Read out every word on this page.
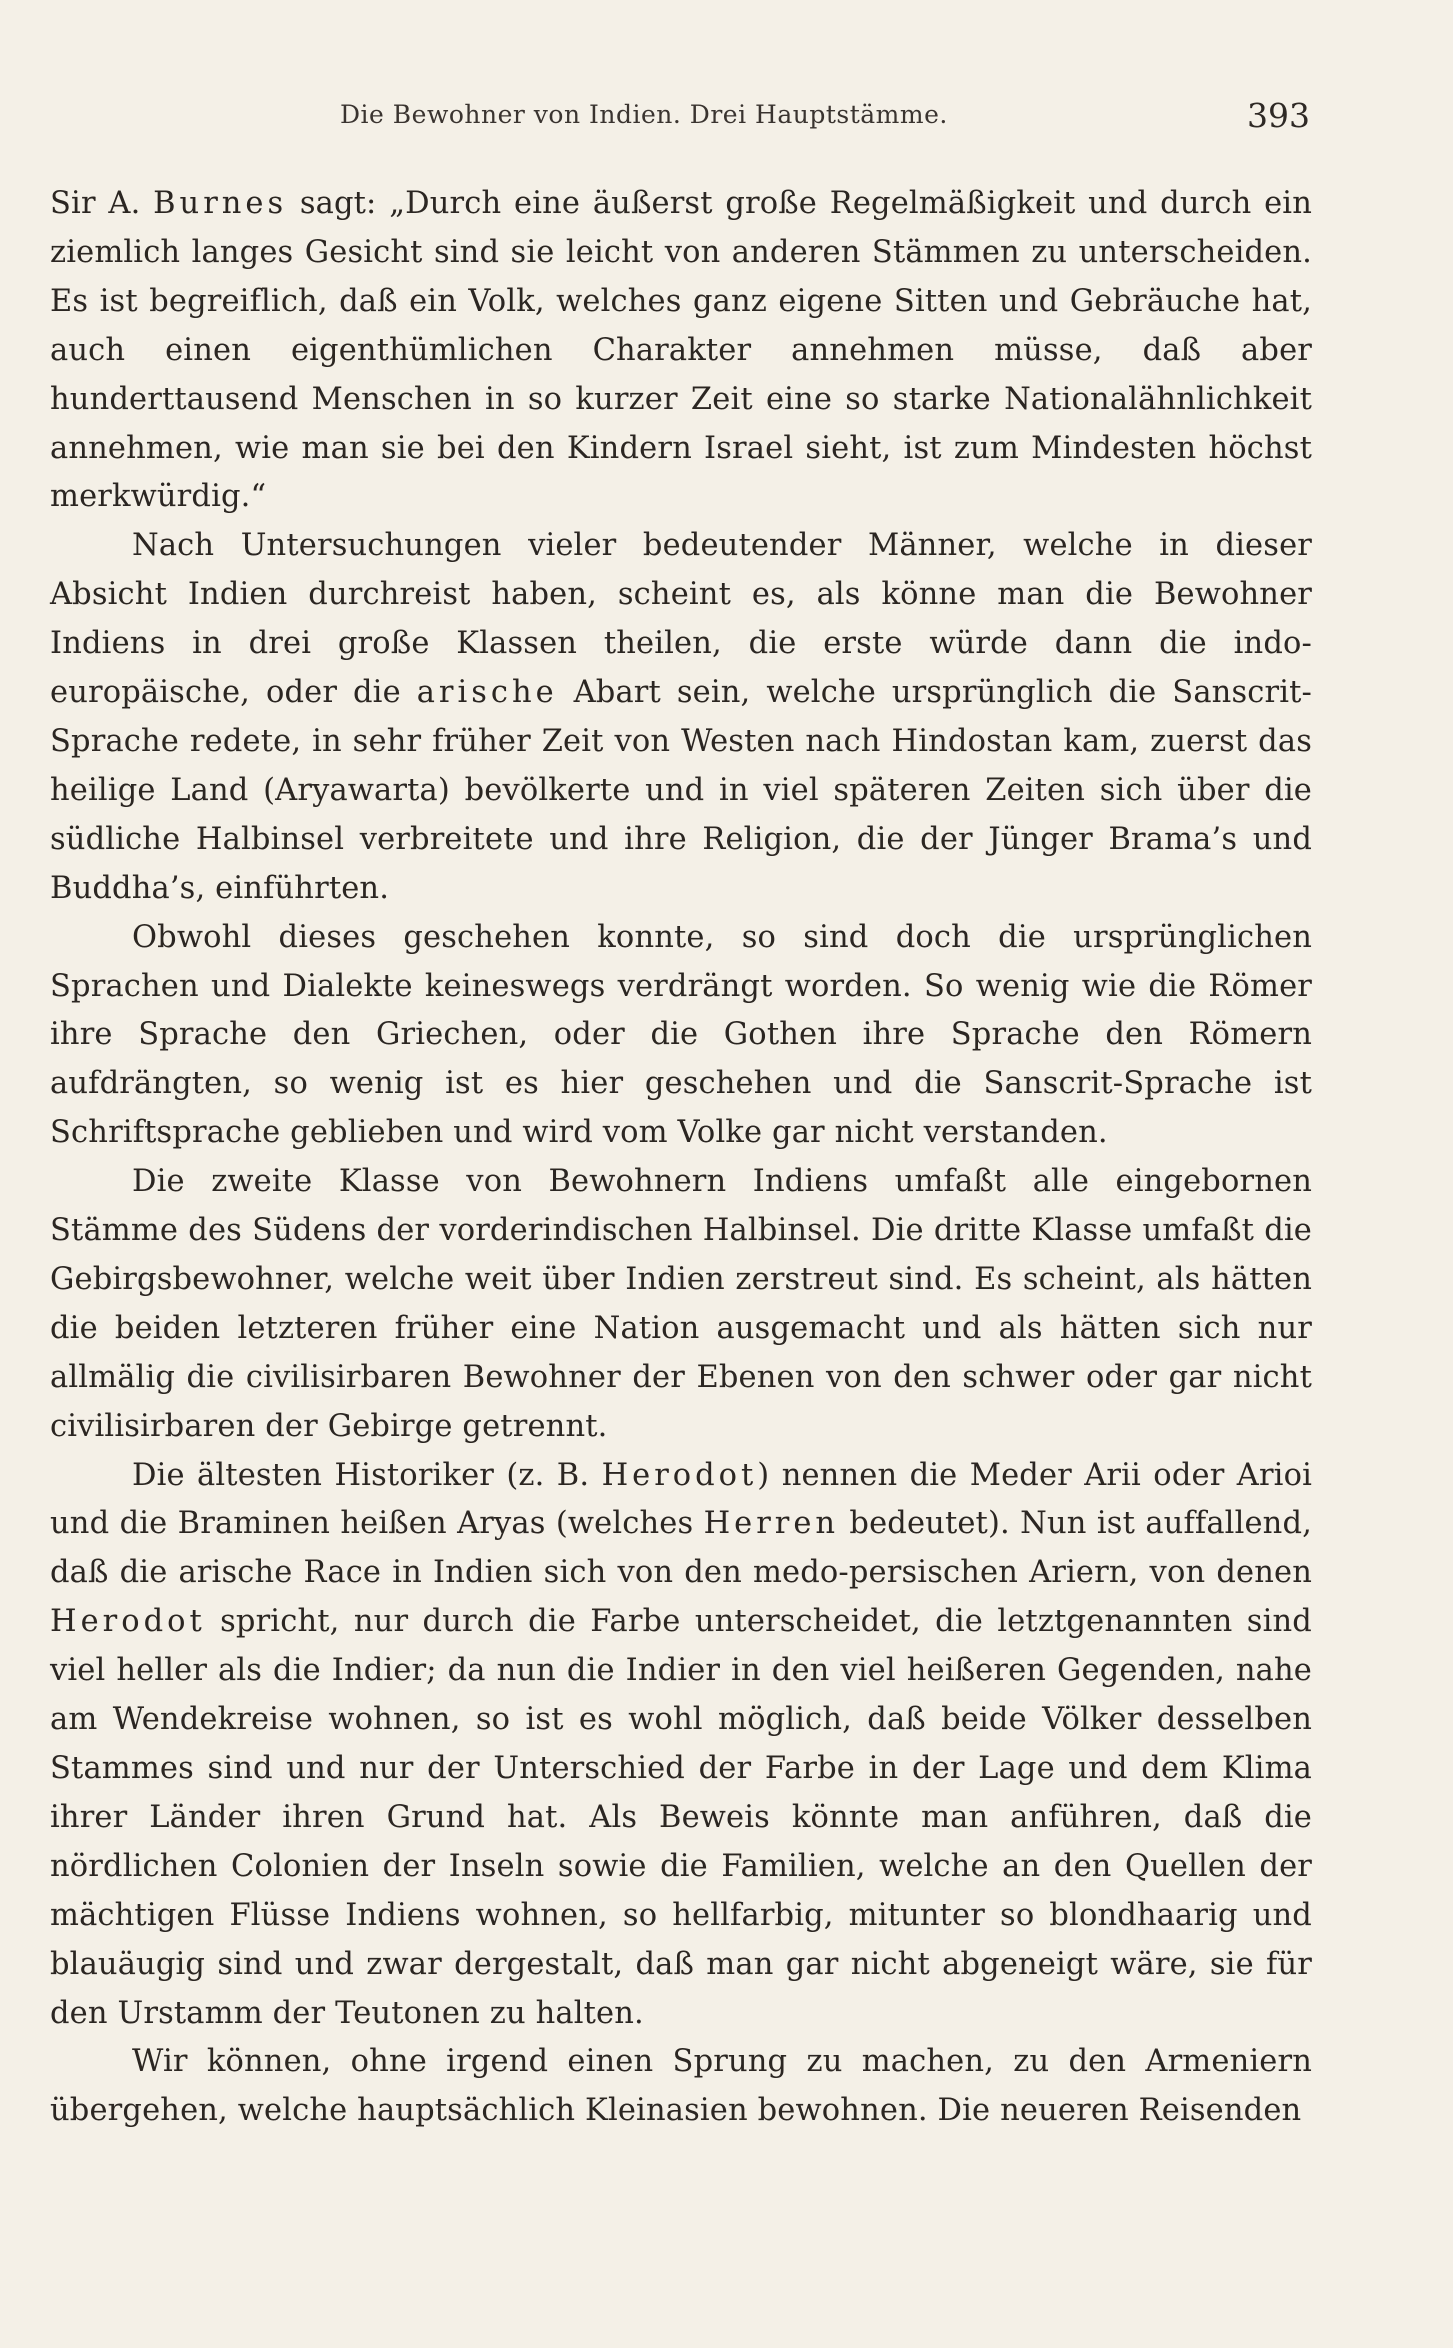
Die Bewohner von Indien. Drei Hauptstämme.	393

Sir A. Burnes sagt: „Durch eine äußerst große Regelmäßigkeit und durch ein ziemlich langes Gesicht sind sie leicht von anderen Stämmen zu unterscheiden. Es ist begreiflich, daß ein Volk, welches ganz eigene Sitten und Gebräuche hat, auch einen eigenthümlichen Charakter annehmen müsse, daß aber hunderttausend Menschen in so kurzer Zeit eine so starke Nationalähnlichkeit annehmen, wie man sie bei den Kindern Israel sieht, ist zum Mindesten höchst merkwürdig.“

Nach Untersuchungen vieler bedeutender Männer, welche in dieser Absicht Indien durchreist haben, scheint es, als könne man die Bewohner Indiens in drei große Klassen theilen, die erste würde dann die indo-europäische, oder die arische Abart sein, welche ursprünglich die Sanscrit-Sprache redete, in sehr früher Zeit von Westen nach Hindostan kam, zuerst das heilige Land (Aryawarta) bevölkerte und in viel späteren Zeiten sich über die südliche Halbinsel verbreitete und ihre Religion, die der Jünger Brama’s und Buddha’s, einführten.

Obwohl dieses geschehen konnte, so sind doch die ursprünglichen Sprachen und Dialekte keineswegs verdrängt worden. So wenig wie die Römer ihre Sprache den Griechen, oder die Gothen ihre Sprache den Römern aufdrängten, so wenig ist es hier geschehen und die Sanscrit-Sprache ist Schriftsprache geblieben und wird vom Volke gar nicht verstanden.

Die zweite Klasse von Bewohnern Indiens umfaßt alle eingebornen Stämme des Südens der vorderindischen Halbinsel. Die dritte Klasse umfaßt die Gebirgsbewohner, welche weit über Indien zerstreut sind. Es scheint, als hätten die beiden letzteren früher eine Nation ausgemacht und als hätten sich nur allmälig die civilisirbaren Bewohner der Ebenen von den schwer oder gar nicht civilisirbaren der Gebirge getrennt.

Die ältesten Historiker (z. B. Herodot) nennen die Meder Arii oder Arioi und die Braminen heißen Aryas (welches Herren bedeutet). Nun ist auffallend, daß die arische Race in Indien sich von den medo-persischen Ariern, von denen Herodot spricht, nur durch die Farbe unterscheidet, die letztgenannten sind viel heller als die Indier; da nun die Indier in den viel heißeren Gegenden, nahe am Wendekreise wohnen, so ist es wohl möglich, daß beide Völker desselben Stammes sind und nur der Unterschied der Farbe in der Lage und dem Klima ihrer Länder ihren Grund hat. Als Beweis könnte man anführen, daß die nördlichen Colonien der Inseln sowie die Familien, welche an den Quellen der mächtigen Flüsse Indiens wohnen, so hellfarbig, mitunter so blondhaarig und blauäugig sind und zwar dergestalt, daß man gar nicht abgeneigt wäre, sie für den Urstamm der Teutonen zu halten.

Wir können, ohne irgend einen Sprung zu machen, zu den Armeniern übergehen, welche hauptsächlich Kleinasien bewohnen. Die neueren Reisenden
